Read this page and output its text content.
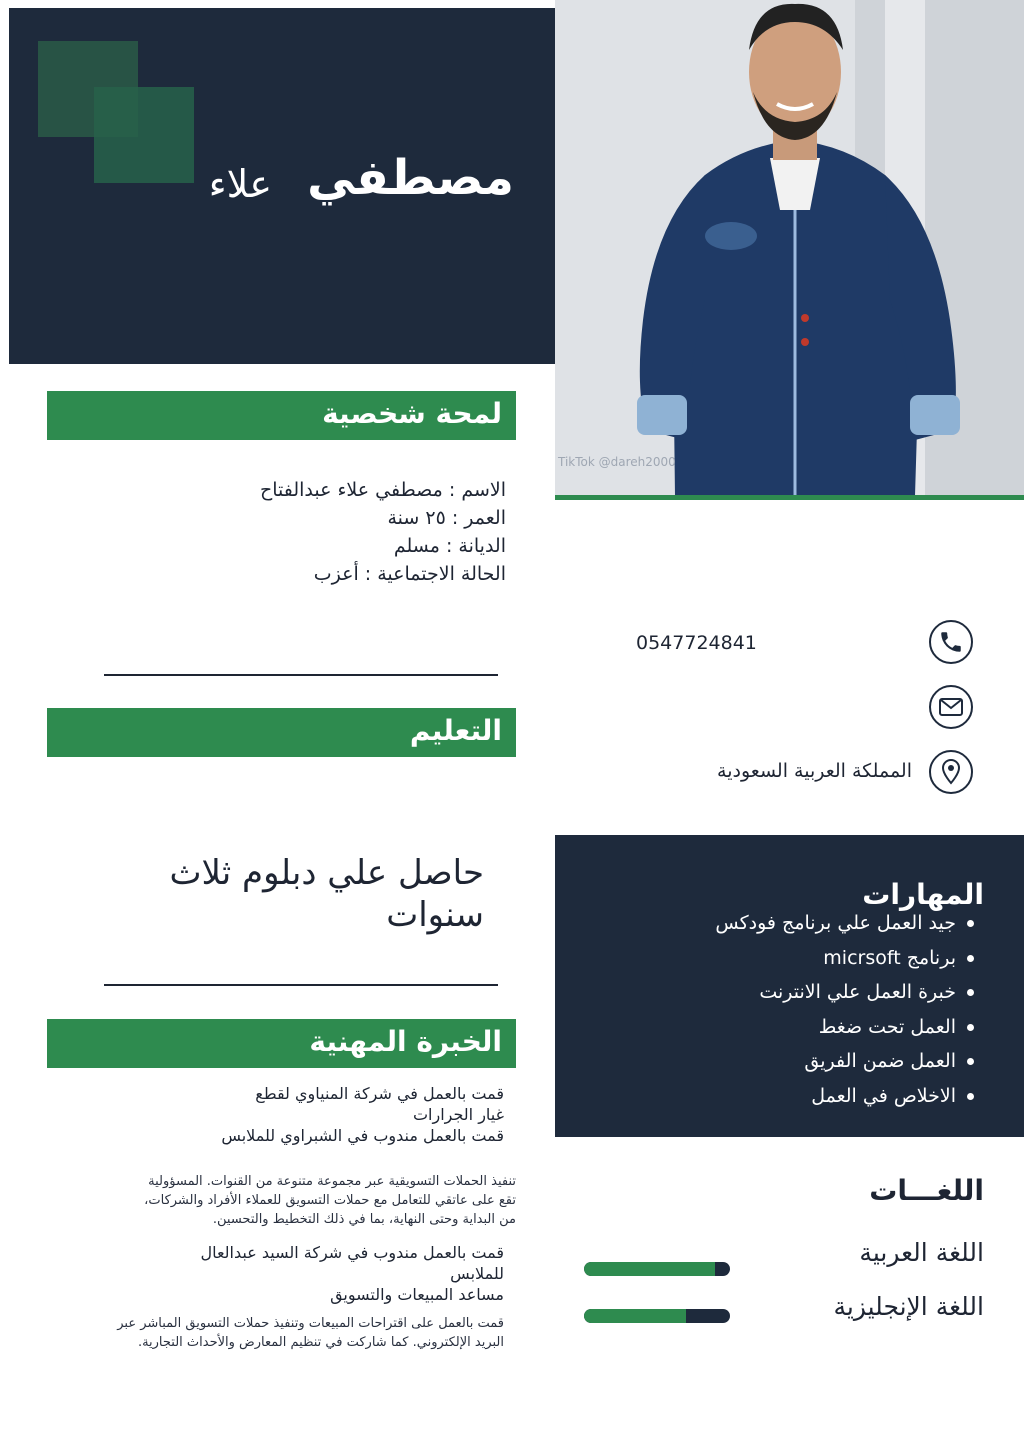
مصطفي
علاء
TikTok @dareh2000
لمحة شخصية
الاسم : مصطفي علاء عبدالفتاح
العمر : ٢٥ سنة
الديانة : مسلم
الحالة الاجتماعية : أعزب
0547724841
المملكة العربية السعودية
التعليم
حاصل علي دبلوم ثلاث سنوات
الخبرة المهنية
قمت بالعمل في شركة المنياوي لقطع
غيار الجرارات
قمت بالعمل مندوب في الشبراوي للملابس
تنفيذ الحملات التسويقية عبر مجموعة متنوعة من القنوات. المسؤولية
تقع على عاتقي للتعامل مع حملات التسويق للعملاء الأفراد والشركات،
من البداية وحتى النهاية، بما في ذلك التخطيط والتحسين.
قمت بالعمل مندوب في شركة السيد عبدالعال
للملابس
مساعد المبيعات والتسويق
قمت بالعمل على اقتراحات المبيعات وتنفيذ حملات التسويق المباشر عبر
البريد الإلكتروني. كما شاركت في تنظيم المعارض والأحداث التجارية.
المهارات
جيد العمل علي برنامج فودكس
برنامج micrsoft
خبرة العمل علي الانترنت
العمل تحت ضغط
العمل ضمن الفريق
الاخلاص في العمل
اللغـــات
اللغة العربية
اللغة الإنجليزية
